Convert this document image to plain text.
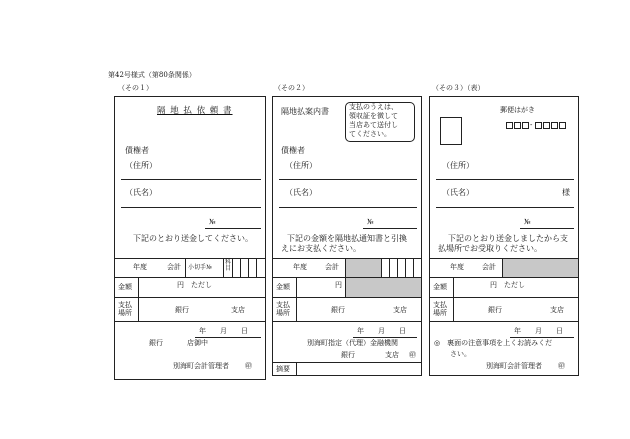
第42号様式（第80条関係）
（その１）
隔 地 払 依 頼 書
債権者
（住所）
（氏名）
№
下記のとおり送金してください。
年度	会計 小切手№
科目
金額	円 ただし
支払場所	銀行	支店
年　　月　　日
銀行	店御中
別海町会計管理者 ㊞
（その２）
隔地払案内書	支払のうえは、
領収証を徴して
当店あて送付し
てください。
債権者
（住所）
（氏名）
№
下記の金額を隔地払通知書と引換
えにお支払ください。
年度	会計
金額	円
支払場所	銀行	支店
年　　月　　日
別海町指定（代理）金融機関
銀行	支店 ㊞
摘要
（その３）（表）
郵便はがき
-
（住所）
（氏名）	様
№
下記のとおり送金しましたから支
払場所でお受取りください。
年度	会計
金額	円 ただし
支払場所	銀行	支店
年　　月　　日
◎　裏面の注意事項を上くお読みくだ
さい。
別海町会計管理者 ㊞
